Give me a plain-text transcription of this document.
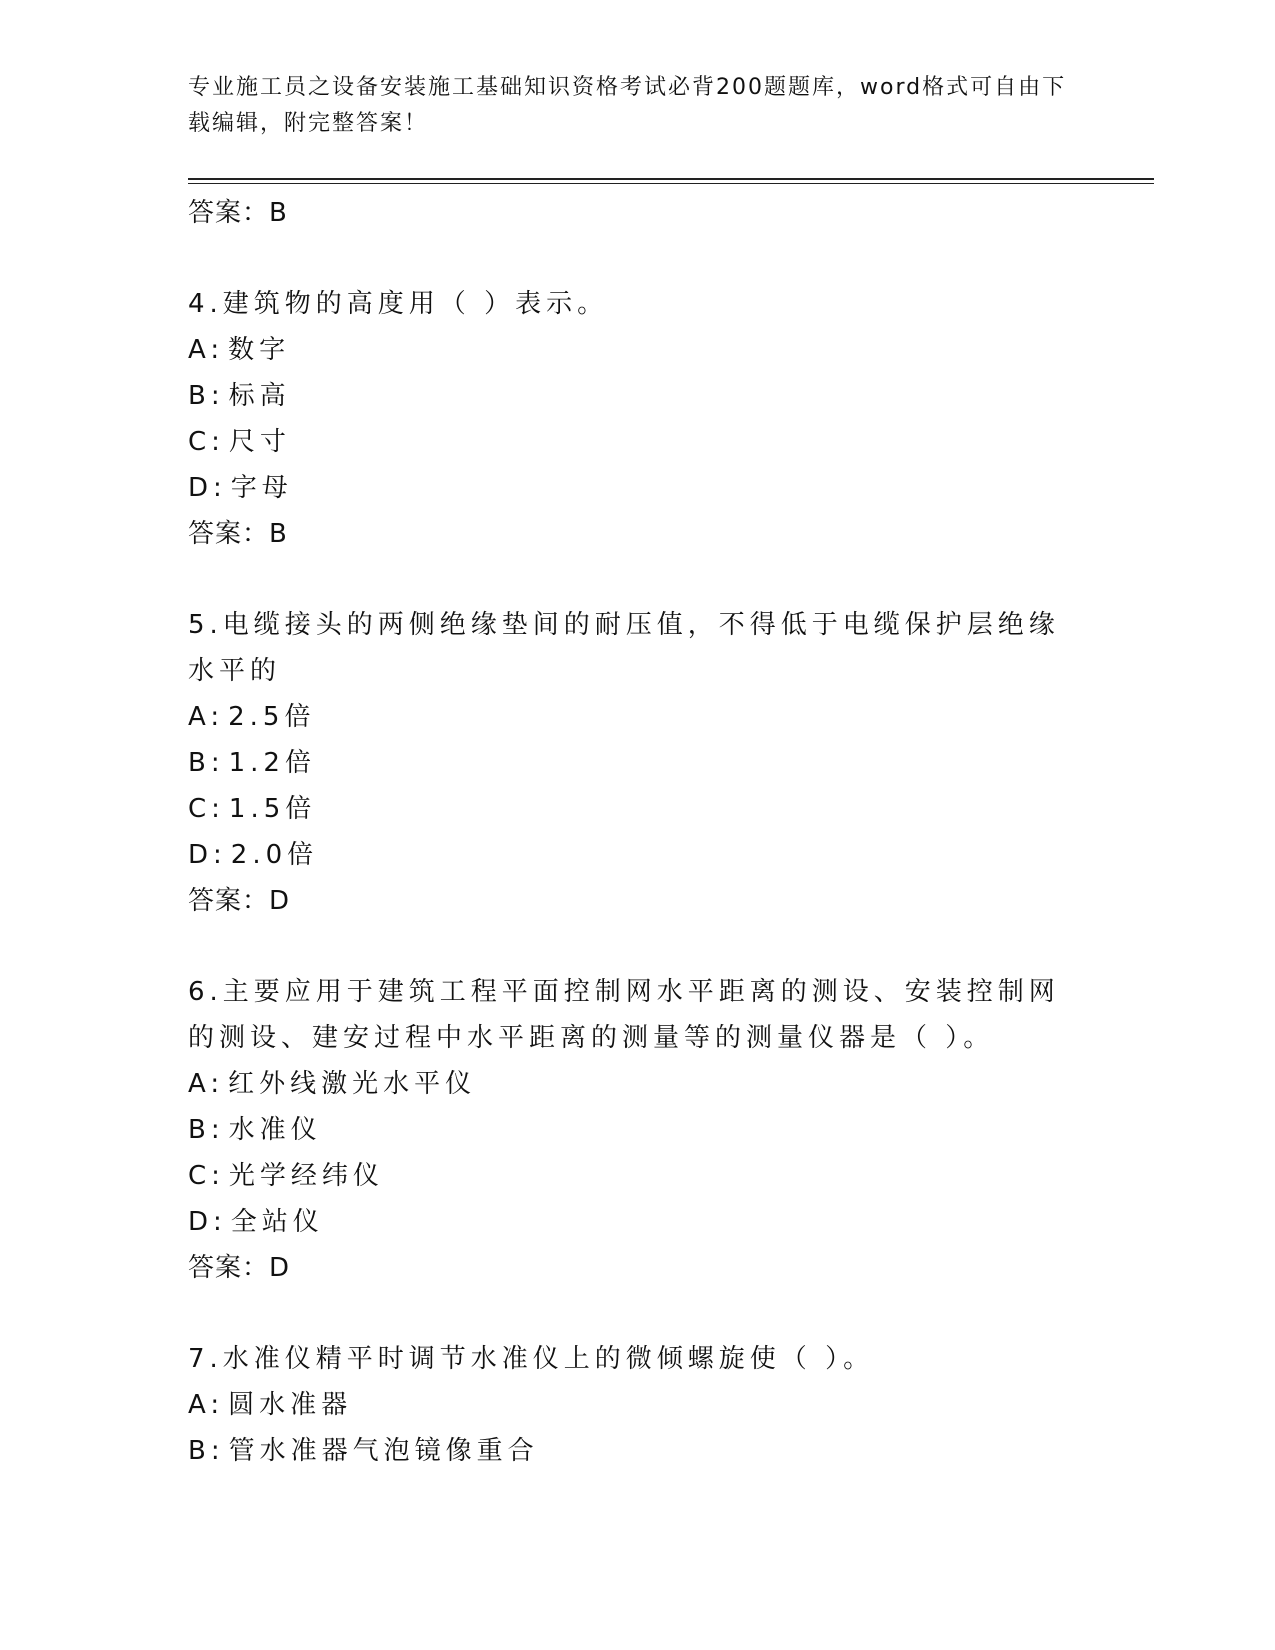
专业施工员之设备安装施工基础知识资格考试必背200题题库，word格式可自由下载编辑，附完整答案！
答案：B
4.建筑物的高度用（ ）表示。
A: 数字
B: 标高
C: 尺寸
D: 字母
答案：B
5.电缆接头的两侧绝缘垫间的耐压值，不得低于电缆保护层绝缘水平的
A: 2.5倍
B: 1.2倍
C: 1.5倍
D: 2.0倍
答案：D
6.主要应用于建筑工程平面控制网水平距离的测设、安装控制网的测设、建安过程中水平距离的测量等的测量仪器是（ ）。
A: 红外线激光水平仪
B: 水准仪
C: 光学经纬仪
D: 全站仪
答案：D
7.水准仪精平时调节水准仪上的微倾螺旋使（ ）。
A: 圆水准器
B: 管水准器气泡镜像重合
